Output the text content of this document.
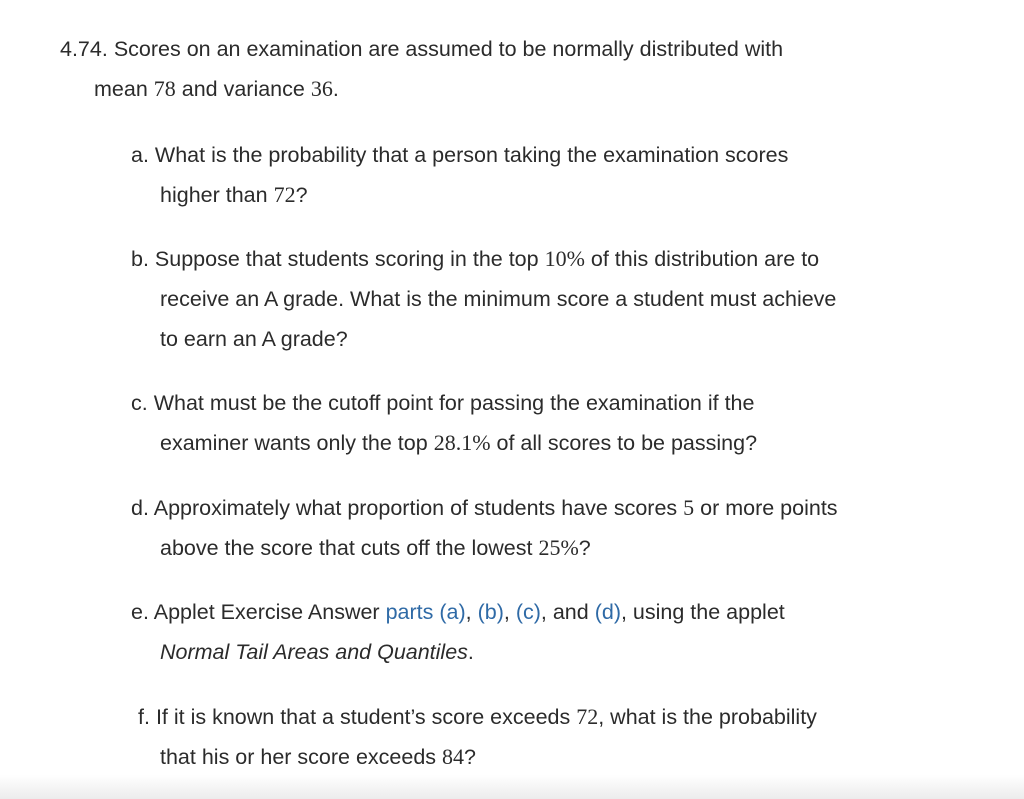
4.74. Scores on an examination are assumed to be normally distributed with
mean 78 and variance 36.
a. What is the probability that a person taking the examination scores
higher than 72?
b. Suppose that students scoring in the top 10% of this distribution are to
receive an A grade. What is the minimum score a student must achieve
to earn an A grade?
c. What must be the cutoff point for passing the examination if the
examiner wants only the top 28.1% of all scores to be passing?
d. Approximately what proportion of students have scores 5 or more points
above the score that cuts off the lowest 25%?
e. Applet Exercise Answer parts (a), (b), (c), and (d), using the applet
Normal Tail Areas and Quantiles.
f. If it is known that a student’s score exceeds 72, what is the probability
that his or her score exceeds 84?
